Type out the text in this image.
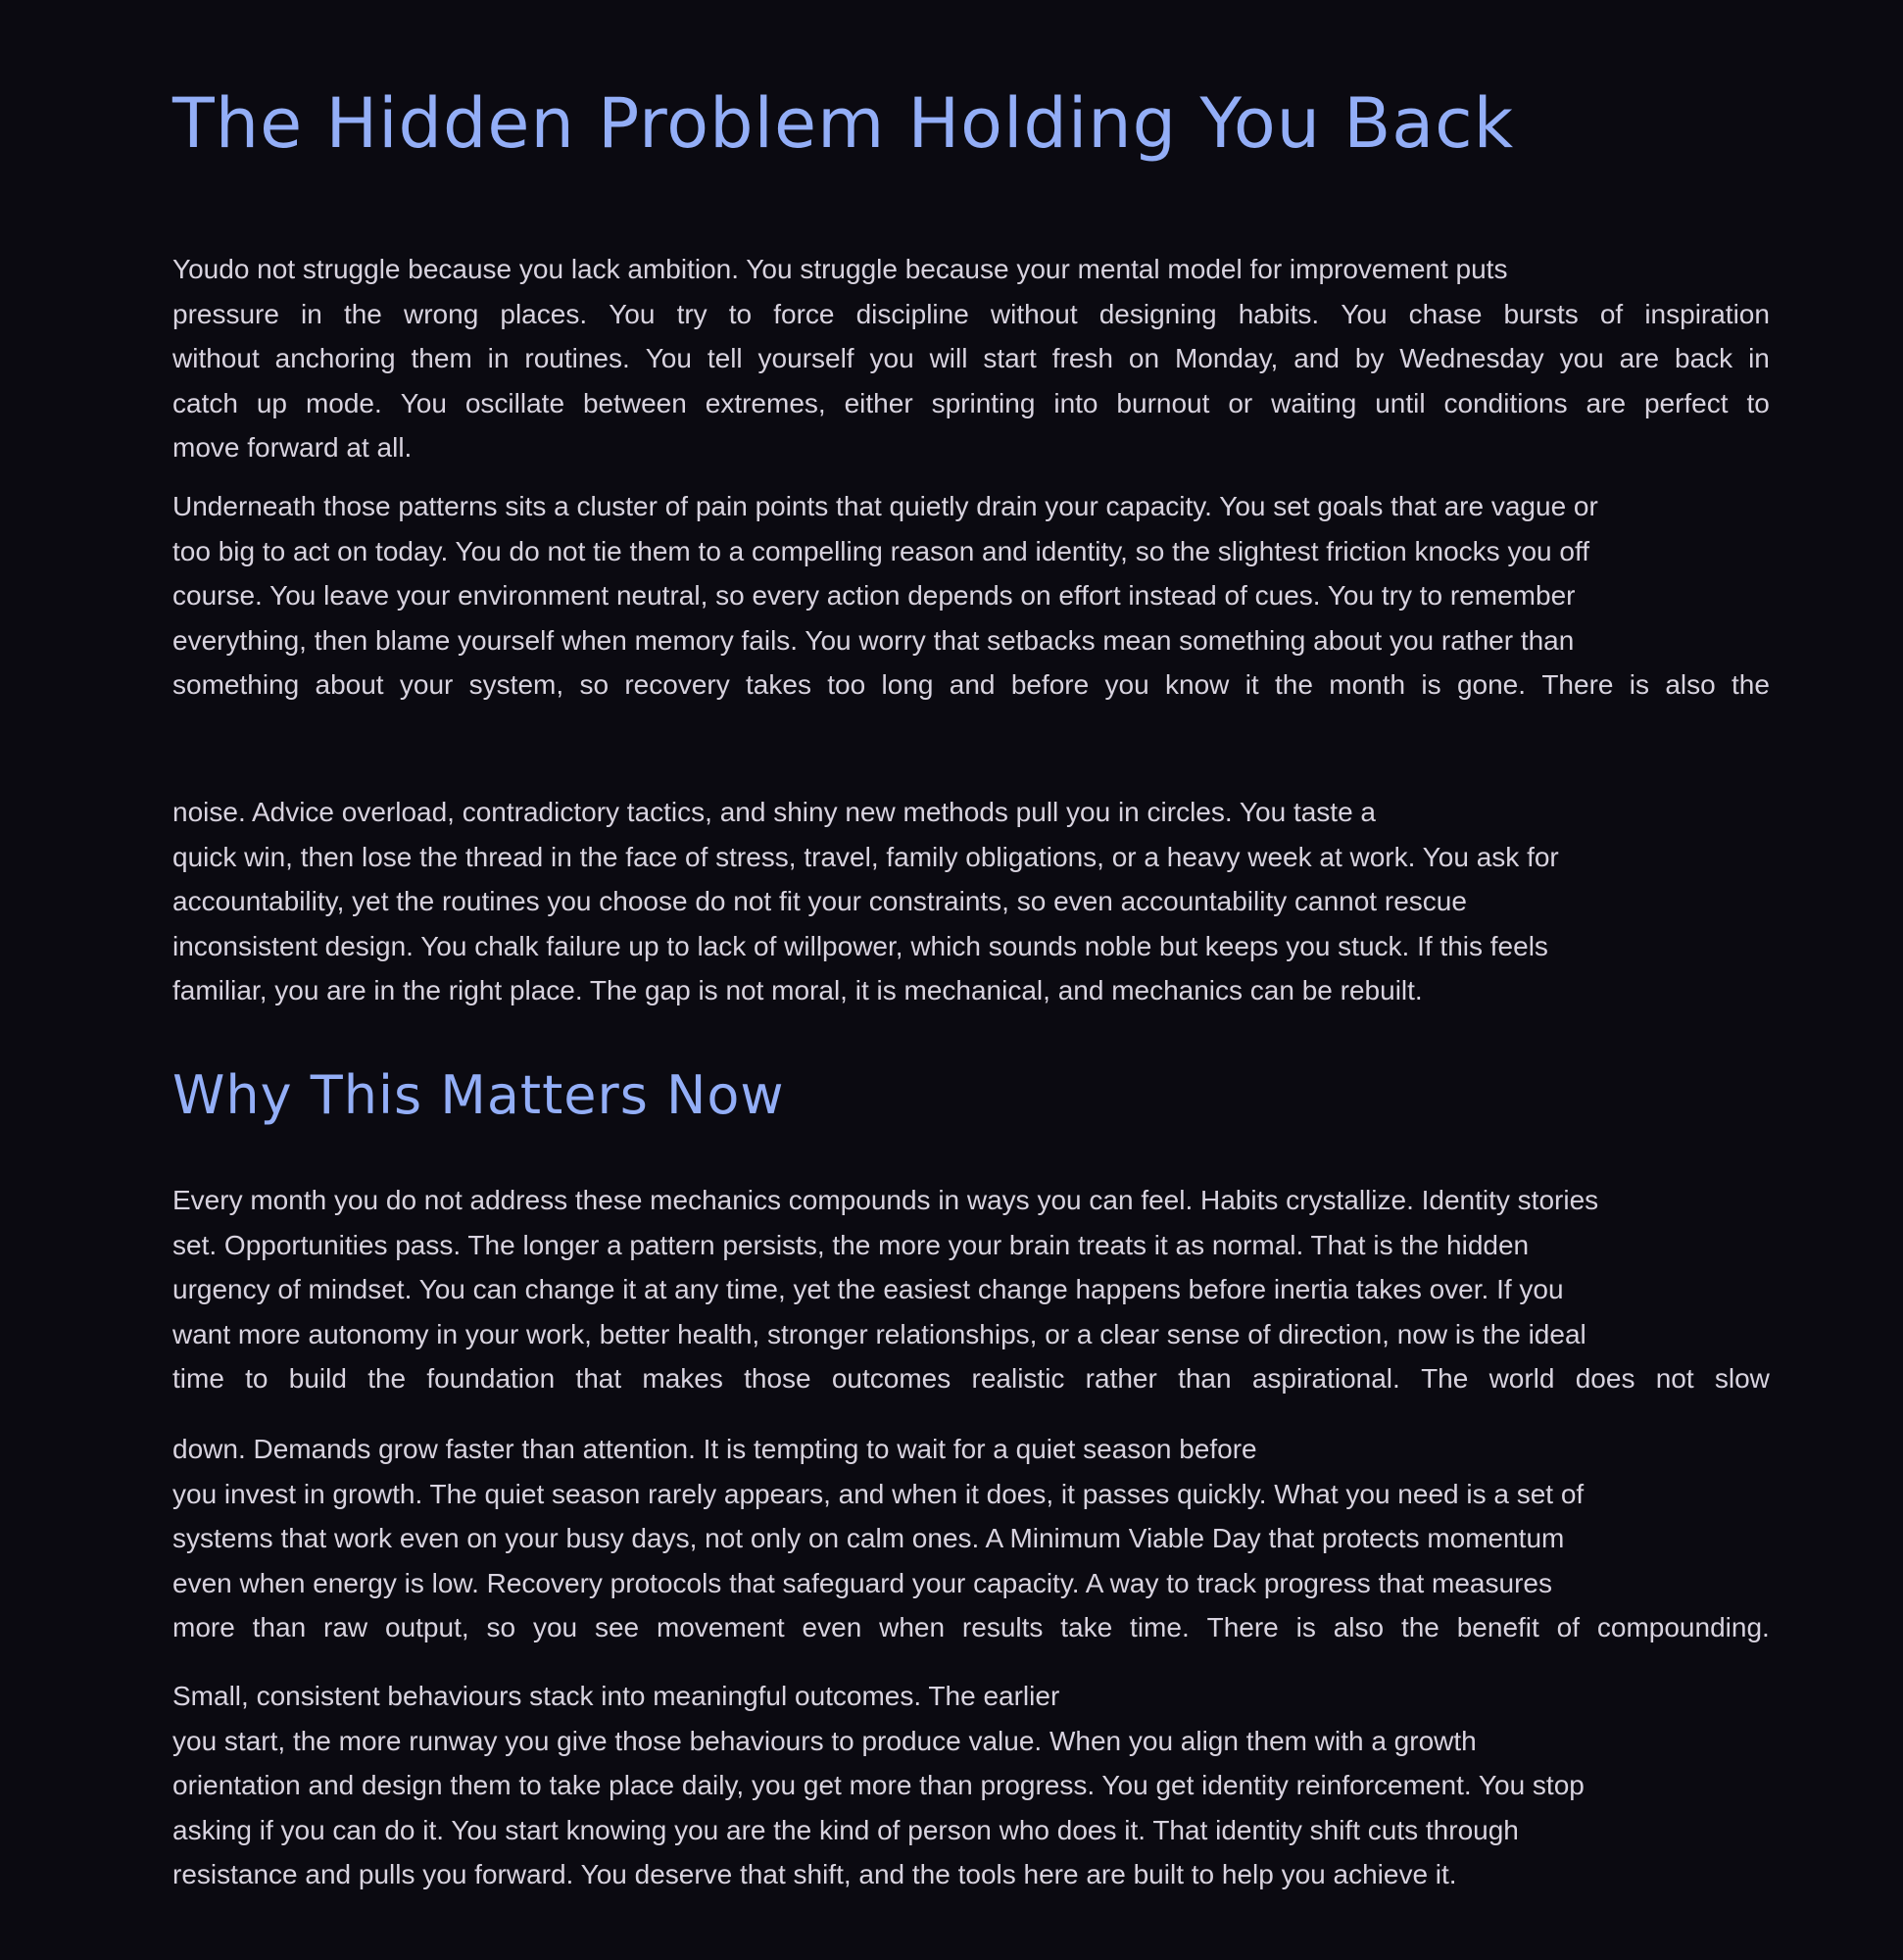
The Hidden Problem Holding You Back
Youdo not struggle because you lack ambition. You struggle because your mental model for improvement puts
pressure in the wrong places. You try to force discipline without designing habits. You chase bursts of inspiration
without anchoring them in routines. You tell yourself you will start fresh on Monday, and by Wednesday you are back in
catch up mode. You oscillate between extremes, either sprinting into burnout or waiting until conditions are perfect to
move forward at all.
Underneath those patterns sits a cluster of pain points that quietly drain your capacity. You set goals that are vague or
too big to act on today. You do not tie them to a compelling reason and identity, so the slightest friction knocks you off
course. You leave your environment neutral, so every action depends on effort instead of cues. You try to remember
everything, then blame yourself when memory fails. You worry that setbacks mean something about you rather than
something about your system, so recovery takes too long and before you know it the month is gone. There is also the
noise. Advice overload, contradictory tactics, and shiny new methods pull you in circles. You taste a
quick win, then lose the thread in the face of stress, travel, family obligations, or a heavy week at work. You ask for
accountability, yet the routines you choose do not fit your constraints, so even accountability cannot rescue
inconsistent design. You chalk failure up to lack of willpower, which sounds noble but keeps you stuck. If this feels
familiar, you are in the right place. The gap is not moral, it is mechanical, and mechanics can be rebuilt.
Why This Matters Now
Every month you do not address these mechanics compounds in ways you can feel. Habits crystallize. Identity stories
set. Opportunities pass. The longer a pattern persists, the more your brain treats it as normal. That is the hidden
urgency of mindset. You can change it at any time, yet the easiest change happens before inertia takes over. If you
want more autonomy in your work, better health, stronger relationships, or a clear sense of direction, now is the ideal
time to build the foundation that makes those outcomes realistic rather than aspirational. The world does not slow
down. Demands grow faster than attention. It is tempting to wait for a quiet season before
you invest in growth. The quiet season rarely appears, and when it does, it passes quickly. What you need is a set of
systems that work even on your busy days, not only on calm ones. A Minimum Viable Day that protects momentum
even when energy is low. Recovery protocols that safeguard your capacity. A way to track progress that measures
more than raw output, so you see movement even when results take time. There is also the benefit of compounding.
Small, consistent behaviours stack into meaningful outcomes. The earlier
you start, the more runway you give those behaviours to produce value. When you align them with a growth
orientation and design them to take place daily, you get more than progress. You get identity reinforcement. You stop
asking if you can do it. You start knowing you are the kind of person who does it. That identity shift cuts through
resistance and pulls you forward. You deserve that shift, and the tools here are built to help you achieve it.
